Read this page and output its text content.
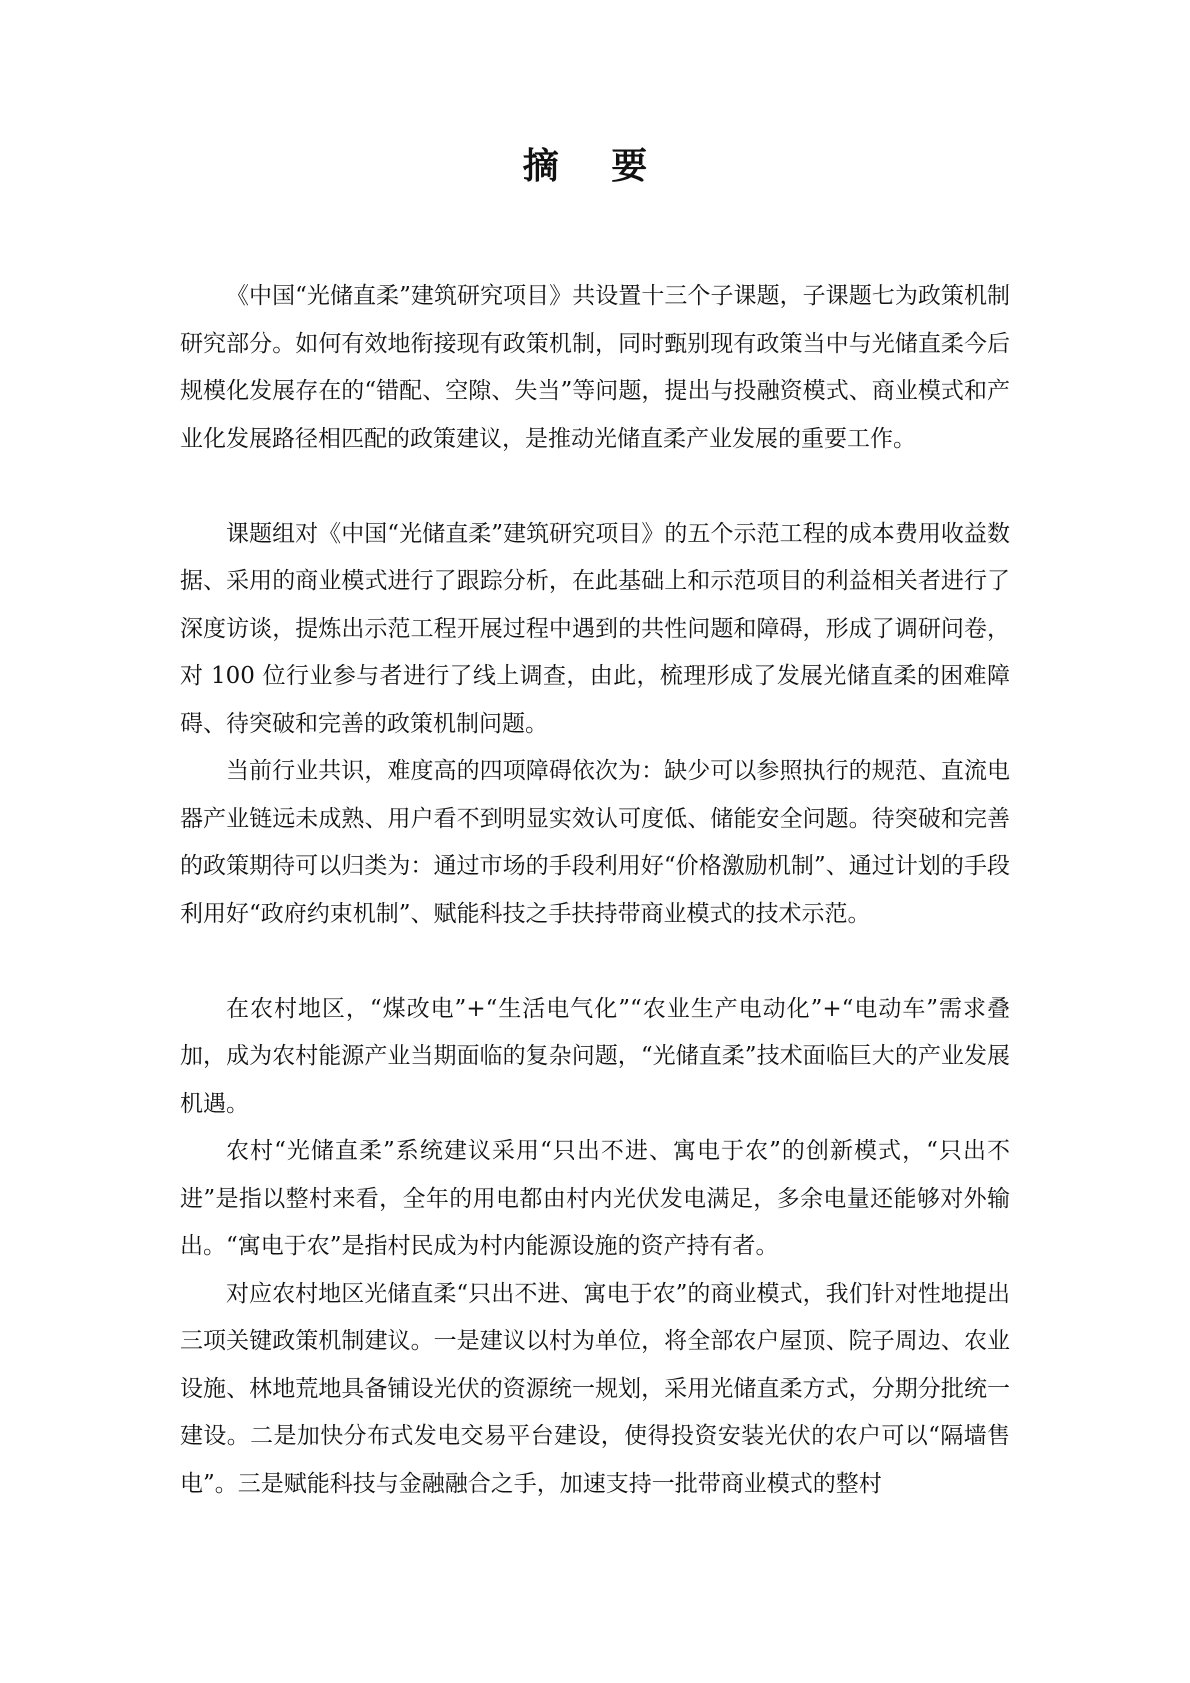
摘 要

《中国“光储直柔”建筑研究项目》共设置十三个子课题，子课题七为政策机制研究部分。如何有效地衔接现有政策机制，同时甄别现有政策当中与光储直柔今后规模化发展存在的“错配、空隙、失当”等问题，提出与投融资模式、商业模式和产业化发展路径相匹配的政策建议，是推动光储直柔产业发展的重要工作。

课题组对《中国“光储直柔”建筑研究项目》的五个示范工程的成本费用收益数据、采用的商业模式进行了跟踪分析，在此基础上和示范项目的利益相关者进行了深度访谈，提炼出示范工程开展过程中遇到的共性问题和障碍，形成了调研问卷，对 100 位行业参与者进行了线上调查，由此，梳理形成了发展光储直柔的困难障碍、待突破和完善的政策机制问题。

当前行业共识，难度高的四项障碍依次为：缺少可以参照执行的规范、直流电器产业链远未成熟、用户看不到明显实效认可度低、储能安全问题。待突破和完善的政策期待可以归类为：通过市场的手段利用好“价格激励机制”、通过计划的手段利用好“政府约束机制”、赋能科技之手扶持带商业模式的技术示范。

在农村地区，“煤改电”+“生活电气化”“农业生产电动化”+“电动车”需求叠加，成为农村能源产业当期面临的复杂问题，“光储直柔”技术面临巨大的产业发展机遇。

农村“光储直柔”系统建议采用“只出不进、寓电于农”的创新模式，“只出不进”是指以整村来看，全年的用电都由村内光伏发电满足，多余电量还能够对外输出。“寓电于农”是指村民成为村内能源设施的资产持有者。

对应农村地区光储直柔“只出不进、寓电于农”的商业模式，我们针对性地提出三项关键政策机制建议。一是建议以村为单位，将全部农户屋顶、院子周边、农业设施、林地荒地具备铺设光伏的资源统一规划，采用光储直柔方式，分期分批统一建设。二是加快分布式发电交易平台建设，使得投资安装光伏的农户可以“隔墙售电”。三是赋能科技与金融融合之手，加速支持一批带商业模式的整村
